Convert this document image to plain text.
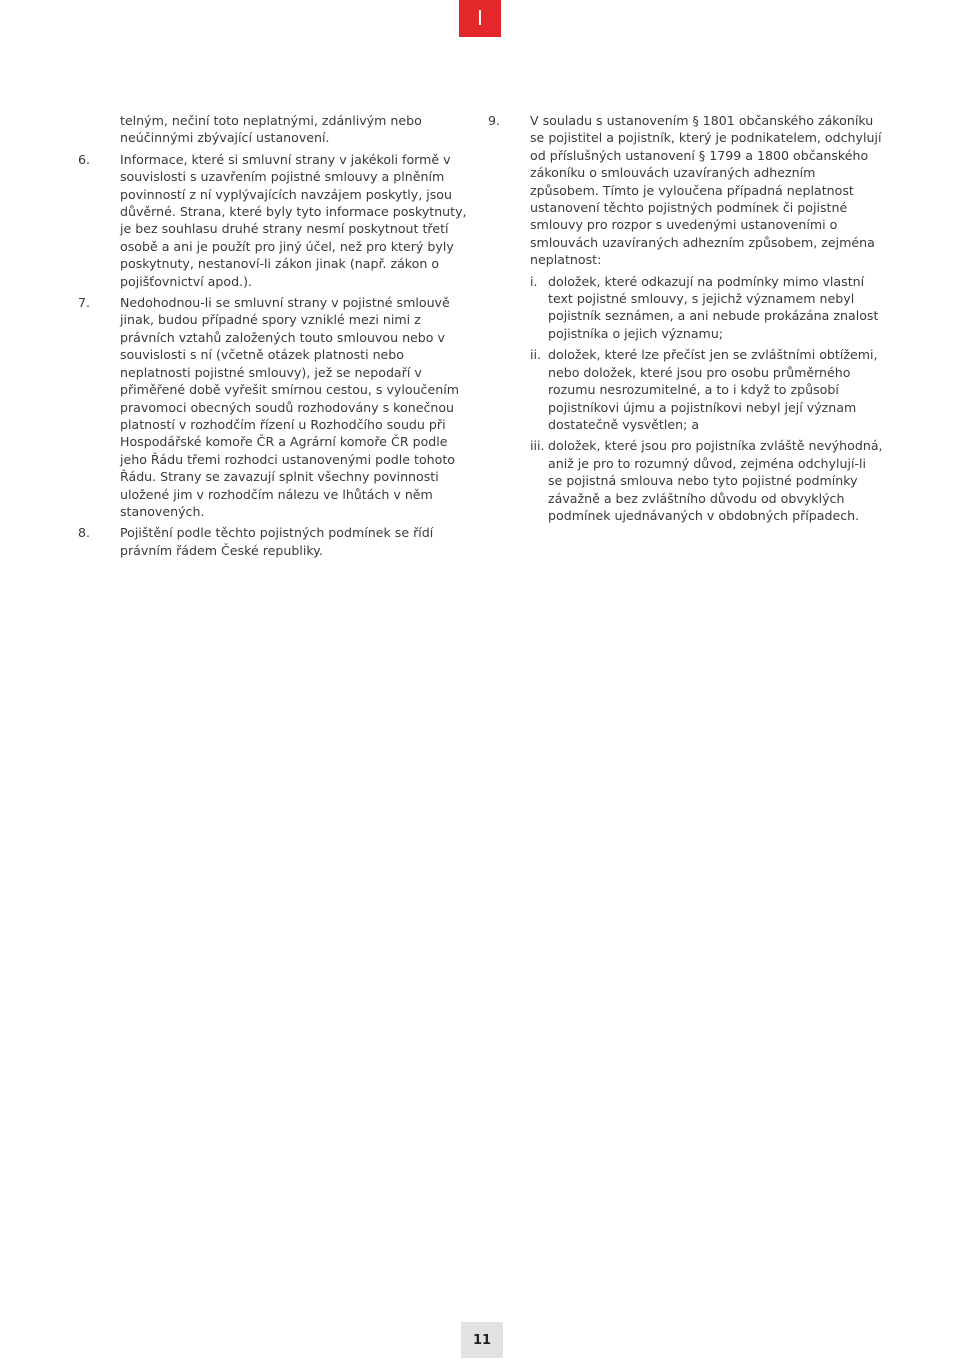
I
telným, nečiní toto neplatnými, zdánlivým nebo neúčinnými zbývající ustanovení.
6.	Informace, které si smluvní strany v jakékoli formě v souvislosti s uzavřením pojistné smlouvy a plněním povinností z ní vyplývajících navzájem poskytly, jsou důvěrné. Strana, které byly tyto informace poskytnuty, je bez souhlasu druhé strany nesmí poskytnout třetí osobě a ani je použít pro jiný účel, než pro který byly poskytnuty, nestanoví-li zákon jinak (např. zákon o pojišťovnictví apod.).
7.	Nedohodnou-li se smluvní strany v pojistné smlouvě jinak, budou případné spory vzniklé mezi nimi z právních vztahů založených touto smlouvou nebo v souvislosti s ní (včetně otázek platnosti nebo neplatnosti pojistné smlouvy), jež se nepodaří v přiměřené době vyřešit smírnou cestou, s vyloučením pravomoci obecných soudů rozhodovány s konečnou platností v rozhodčím řízení u Rozhodčího soudu při Hospodářské komoře ČR a Agrární komoře ČR podle jeho Řádu třemi rozhodci ustanovenými podle tohoto Řádu. Strany se zavazují splnit všechny povinnosti uložené jim v rozhodčím nálezu ve lhůtách v něm stanovených.
8.	Pojištění podle těchto pojistných podmínek se řídí právním řádem České republiky.
9.	V souladu s ustanovením § 1801 občanského zákoníku se pojistitel a pojistník, který je podnikatelem, odchylují od příslušných ustanovení § 1799 a 1800 občanského zákoníku o smlouvách uzavíraných adhezním způsobem. Tímto je vyloučena případná neplatnost ustanovení těchto pojistných podmínek či pojistné smlouvy pro rozpor s uvedenými ustanoveními o smlouvách uzavíraných adhezním způsobem, zejména neplatnost:
i. doložek, které odkazují na podmínky mimo vlastní text pojistné smlouvy, s jejichž významem nebyl pojistník seznámen, a ani nebude prokázána znalost pojistníka o jejich významu;
ii. doložek, které lze přečíst jen se zvláštními obtížemi, nebo doložek, které jsou pro osobu průměrného rozumu nesrozumitelné, a to i když to způsobí pojistníkovi újmu a pojistníkovi nebyl její význam dostatečně vysvětlen; a
iii. doložek, které jsou pro pojistníka zvláště nevýhodná, aniž je pro to rozumný důvod, zejména odchylují-li se pojistná smlouva nebo tyto pojistné podmínky závažně a bez zvláštního důvodu od obvyklých podmínek ujednávaných v obdobných případech.
11
